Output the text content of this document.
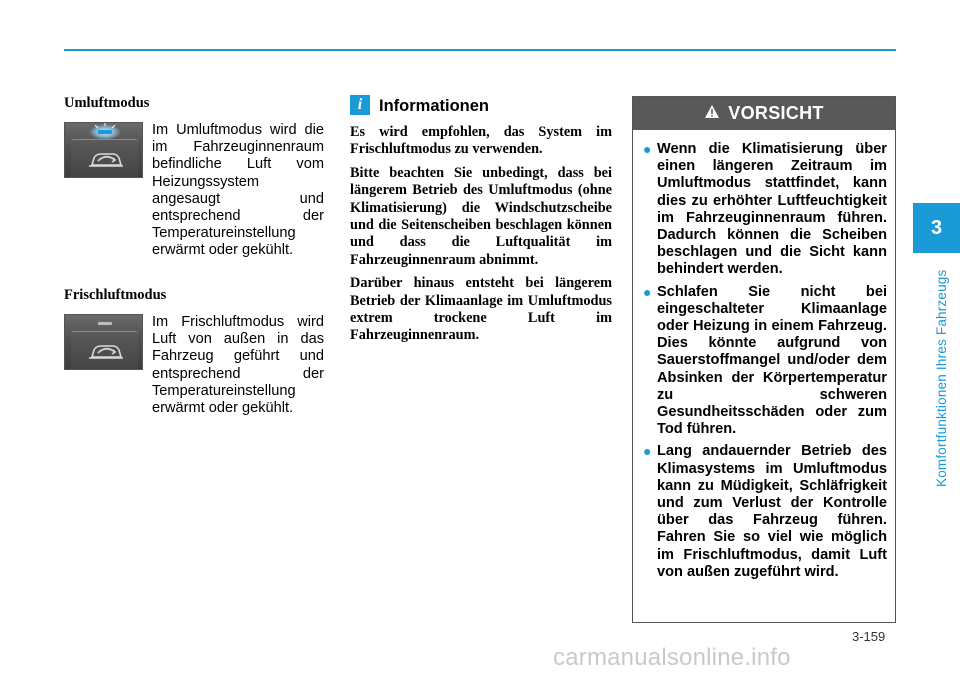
3
Komfortfunktionen Ihres Fahrzeugs
Umluftmodus
Im Umluftmodus wird die im Fahrzeuginnenraum befindliche Luft vom Heizungssystem angesaugt und entsprechend der Temperatureinstellung erwärmt oder gekühlt.
Frischluftmodus
Im Frischluftmodus wird Luft von außen in das Fahrzeug geführt und entsprechend der Temperatureinstellung erwärmt oder gekühlt.
i	Informationen

Es wird empfohlen, das System im Frischluftmodus zu verwenden.

Bitte beachten Sie unbedingt, dass bei längerem Betrieb des Umluftmodus (ohne Klimatisierung) die Windschutzscheibe und die Seitenscheiben beschlagen können und dass die Luftqualität im Fahrzeuginnenraum abnimmt.

Darüber hinaus entsteht bei längerem Betrieb der Klimaanlage im Umluftmodus extrem trockene Luft im Fahrzeuginnenraum.

VORSICHT
● Wenn die Klimatisierung über einen längeren Zeitraum im Umluftmodus stattfindet, kann dies zu erhöhter Luftfeuchtigkeit im Fahrzeuginnenraum führen. Dadurch können die Scheiben beschlagen und die Sicht kann behindert werden.
● Schlafen Sie nicht bei eingeschalteter Klimaanlage oder Heizung in einem Fahrzeug. Dies könnte aufgrund von Sauerstoffmangel und/oder dem Absinken der Körpertemperatur zu schweren Gesundheitsschäden oder zum Tod führen.
● Lang andauernder Betrieb des Klimasystems im Umluftmodus kann zu Müdigkeit, Schläfrigkeit und zum Verlust der Kontrolle über das Fahrzeug führen. Fahren Sie so viel wie möglich im Frischluftmodus, damit Luft von außen zugeführt wird.
3-159
carmanualsonline.info
